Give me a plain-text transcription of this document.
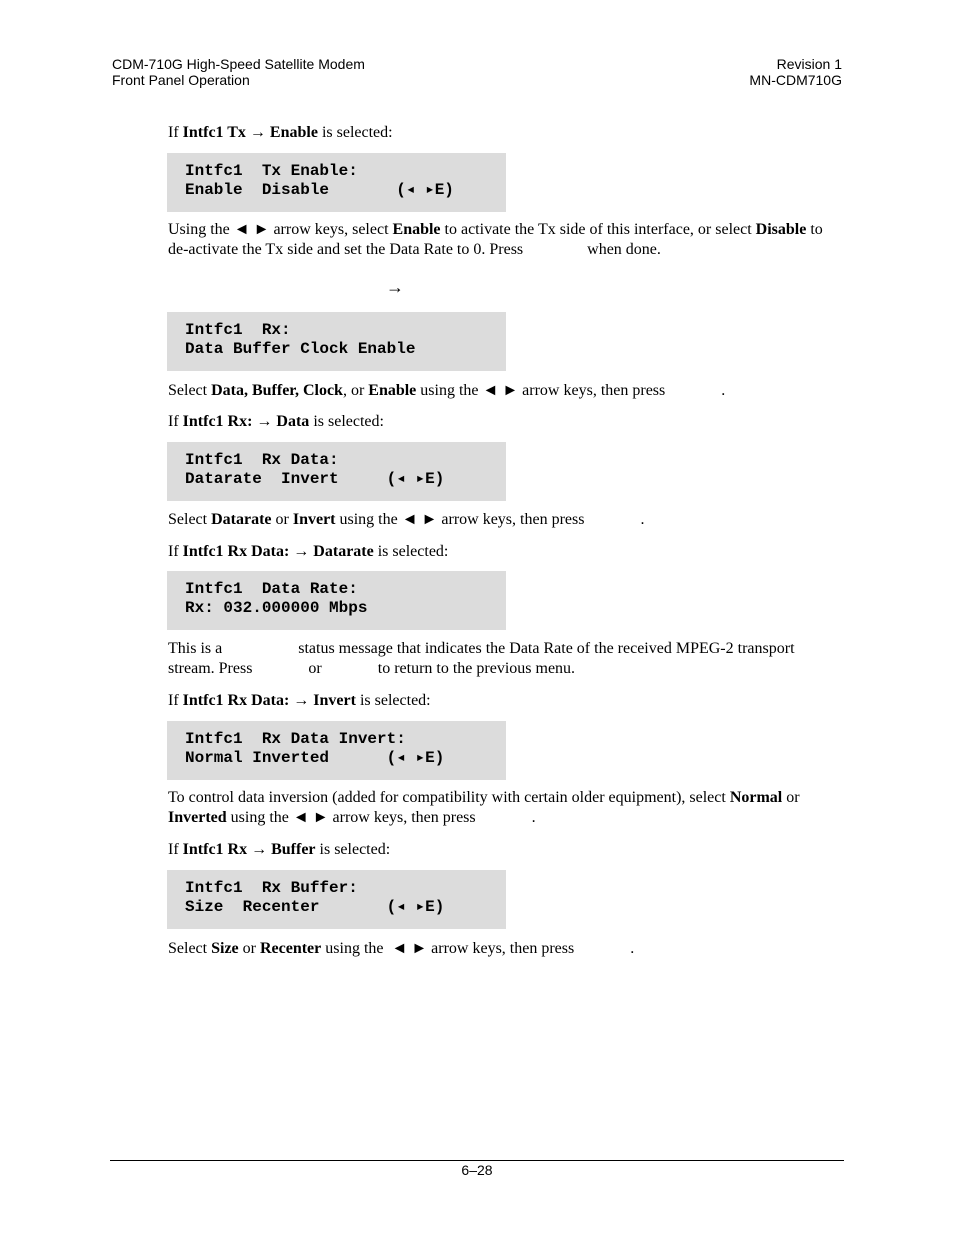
CDM-710G High-Speed Satellite Modem
Front Panel Operation
Revision 1
MN-CDM710G
If Intfc1 Tx → Enable is selected:
Intfc1  Tx Enable:
Enable  Disable       (◂ ▸E)
Using the ◄ ► arrow keys, select Enable to activate the Tx side of this interface, or select Disable to de-activate the Tx side and set the Data Rate to 0. Press                when done.
→
Intfc1  Rx:
Data Buffer Clock Enable
Select Data, Buffer, Clock, or Enable using the ◄ ► arrow keys, then press              .
If Intfc1 Rx: → Data is selected:
Intfc1  Rx Data:
Datarate  Invert     (◂ ▸E)
Select Datarate or Invert using the ◄ ► arrow keys, then press              .
If Intfc1 Rx Data: → Datarate is selected:
Intfc1  Data Rate:
Rx: 032.000000 Mbps
This is a                   status message that indicates the Data Rate of the received MPEG-2 transport stream. Press              or              to return to the previous menu.
If Intfc1 Rx Data: → Invert is selected:
Intfc1  Rx Data Invert:
Normal Inverted      (◂ ▸E)
To control data inversion (added for compatibility with certain older equipment), select Normal or Inverted using the ◄ ► arrow keys, then press              .
If Intfc1 Rx → Buffer is selected:
Intfc1  Rx Buffer:
Size  Recenter       (◂ ▸E)
Select Size or Recenter using the  ◄ ► arrow keys, then press              .
6–28
